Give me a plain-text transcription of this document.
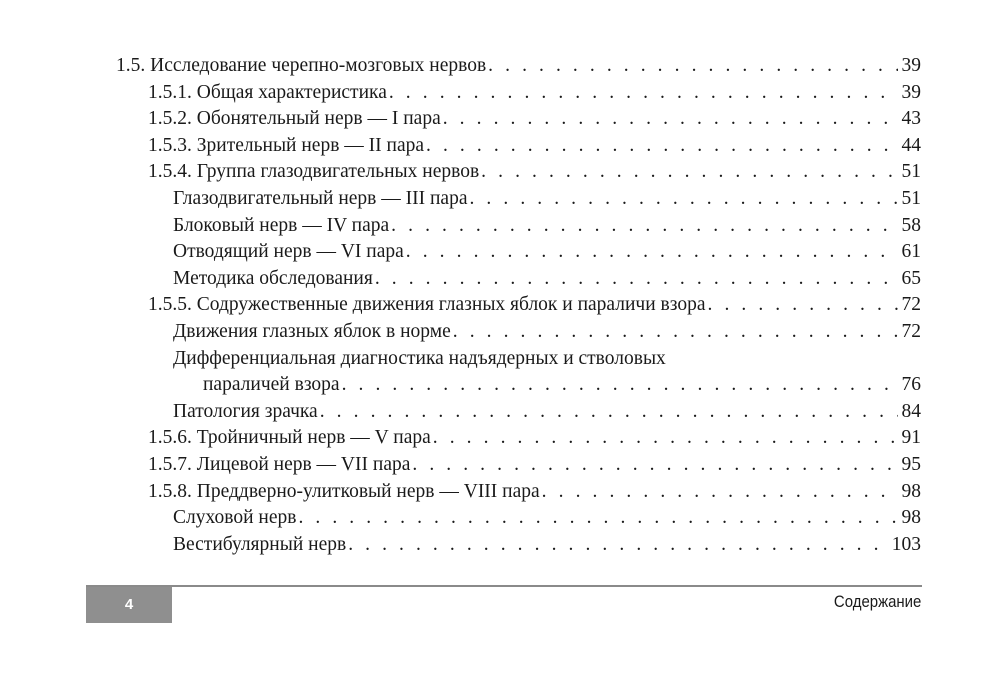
1.5. Исследование черепно-мозговых нервов . . .	39
1.5.1. Общая характеристика . . .	39
1.5.2. Обонятельный нерв — I пара . . .	43
1.5.3. Зрительный нерв — II пара . . .	44
1.5.4. Группа глазодвигательных нервов . . .	51
Глазодвигательный нерв — III пара . . .	51
Блоковый нерв — IV пара . . .	58
Отводящий нерв — VI пара . . .	61
Методика обследования . . .	65
1.5.5. Содружественные движения глазных яблок и параличи взора . . .	72
Движения глазных яблок в норме . . .	72
Дифференциальная диагностика надъядерных и стволовых
параличей взора . . .	76
Патология зрачка . . .	84
1.5.6. Тройничный нерв — V пара . . .	91
1.5.7. Лицевой нерв — VII пара . . .	95
1.5.8. Преддверно-улитковый нерв — VIII пара . . .	98
Слуховой нерв . . .	98
Вестибулярный нерв . . .	103
4	Содержание
